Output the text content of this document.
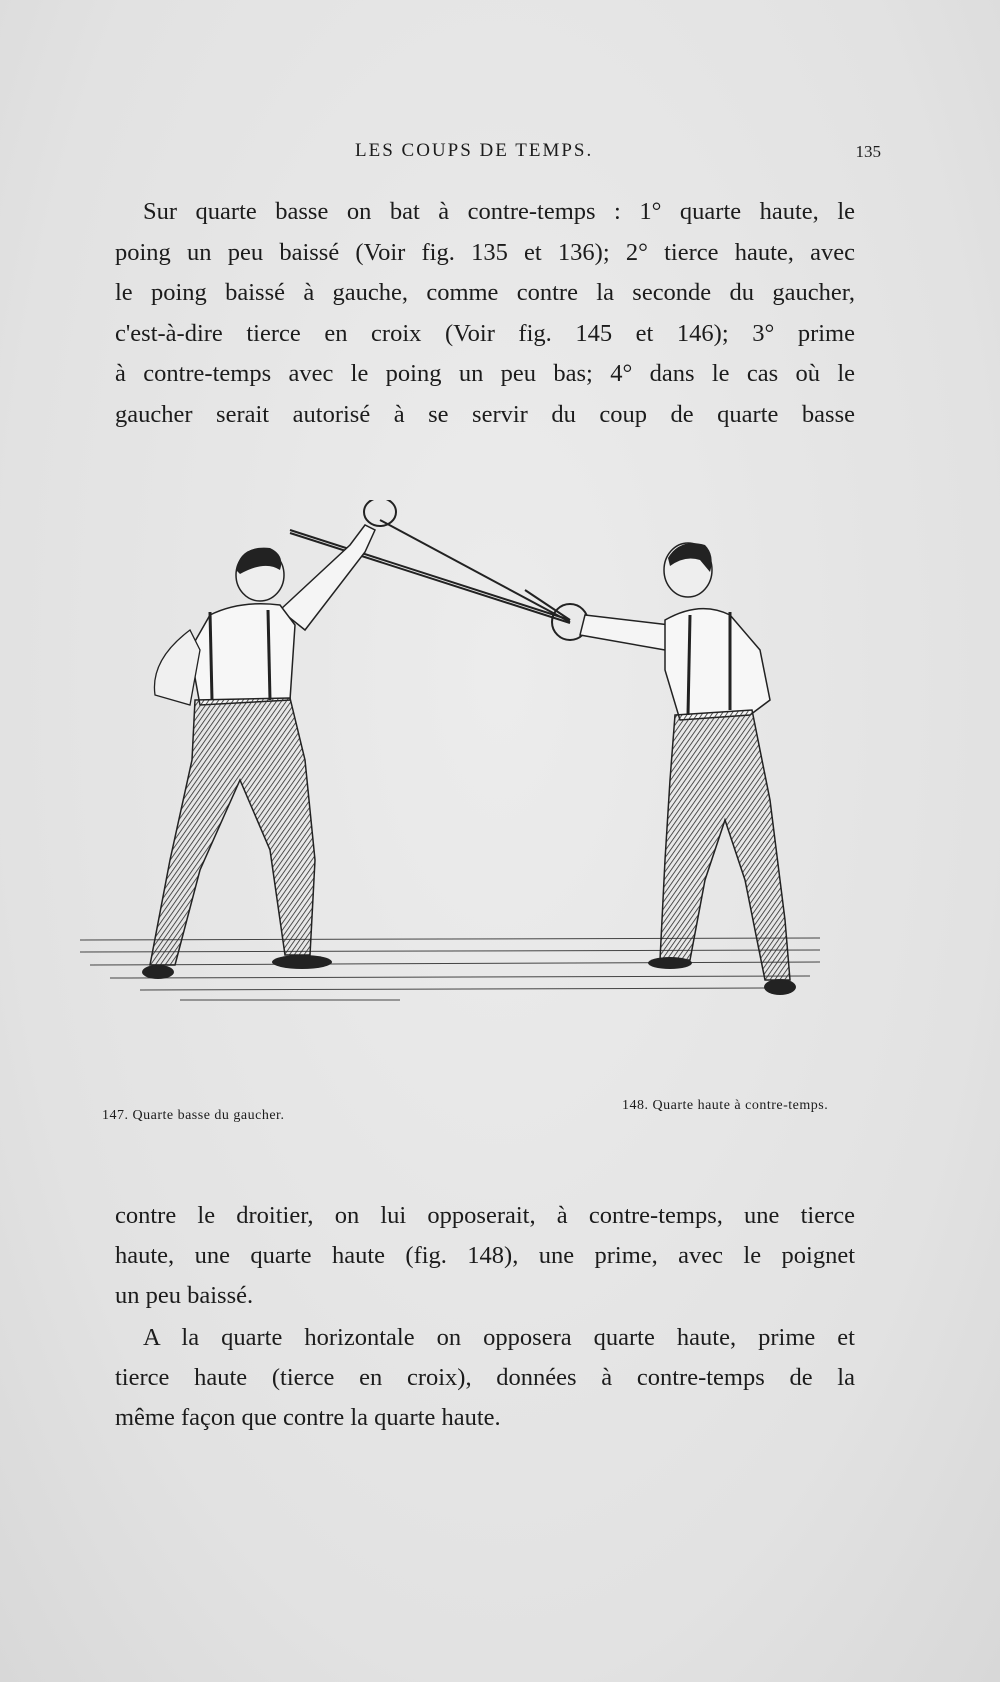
LES COUPS DE TEMPS.	135
Sur quarte basse on bat à contre-temps : 1° quarte haute, le
poing un peu baissé (Voir fig. 135 et 136); 2° tierce haute, avec
le poing baissé à gauche, comme contre la seconde du gaucher,
c'est-à-dire tierce en croix (Voir fig. 145 et 146); 3° prime
à contre-temps avec le poing un peu bas; 4° dans le cas où le
gaucher serait autorisé à se servir du coup de quarte basse
147. Quarte basse du gaucher.
148. Quarte haute à contre-temps.
contre le droitier, on lui opposerait, à contre-temps, une tierce
haute, une quarte haute (fig. 148), une prime, avec le poignet
un peu baissé.
A la quarte horizontale on opposera quarte haute, prime et
tierce haute (tierce en croix), données à contre-temps de la
même façon que contre la quarte haute.
